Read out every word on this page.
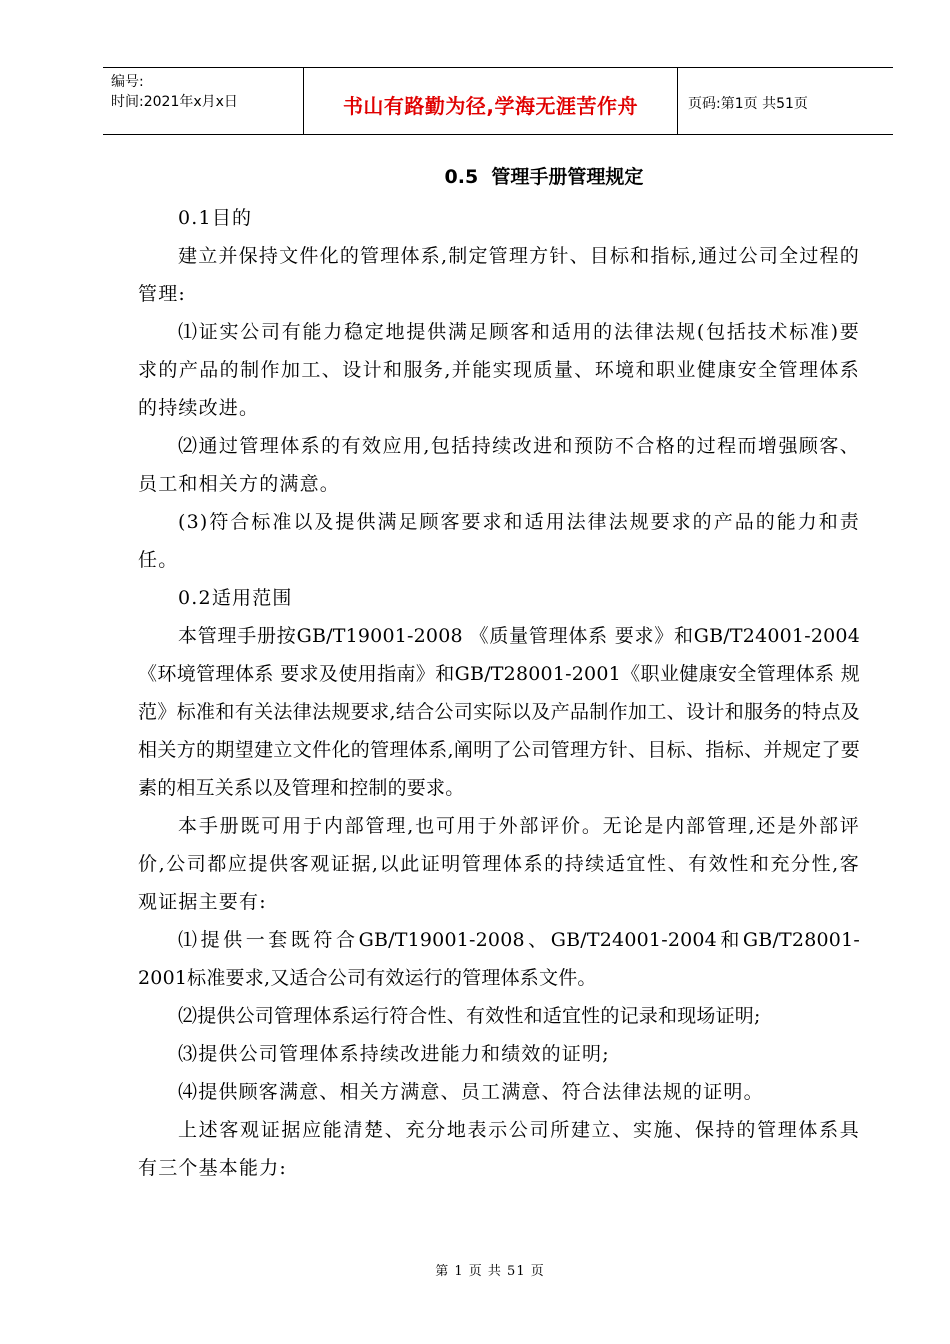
编号:
时间:2021年x月x日	书山有路勤为径,学海无涯苦作舟	页码:第1页 共51页
0.5  管理手册管理规定

0.1目的

建立并保持文件化的管理体系,制定管理方针、目标和指标,通过公司全过程的管理:

⑴证实公司有能力稳定地提供满足顾客和适用的法律法规(包括技术标准)要求的产品的制作加工、设计和服务,并能实现质量、环境和职业健康安全管理体系的持续改进。

⑵通过管理体系的有效应用,包括持续改进和预防不合格的过程而增强顾客、员工和相关方的满意。

(3)符合标准以及提供满足顾客要求和适用法律法规要求的产品的能力和责任。

0.2适用范围

本管理手册按GB/T19001-2008 《质量管理体系 要求》和GB/T24001-2004 《环境管理体系 要求及使用指南》和GB/T28001-2001《职业健康安全管理体系 规范》标准和有关法律法规要求,结合公司实际以及产品制作加工、设计和服务的特点及相关方的期望建立文件化的管理体系,阐明了公司管理方针、目标、指标、并规定了要素的相互关系以及管理和控制的要求。

本手册既可用于内部管理,也可用于外部评价。无论是内部管理,还是外部评价,公司都应提供客观证据,以此证明管理体系的持续适宜性、有效性和充分性,客观证据主要有:

⑴提供一套既符合GB/T19001-2008、GB/T24001-2004和GB/T28001-2001标准要求,又适合公司有效运行的管理体系文件。

⑵提供公司管理体系运行符合性、有效性和适宜性的记录和现场证明;

⑶提供公司管理体系持续改进能力和绩效的证明;

⑷提供顾客满意、相关方满意、员工满意、符合法律法规的证明。

上述客观证据应能清楚、充分地表示公司所建立、实施、保持的管理体系具有三个基本能力:

第 1 页 共 51 页
